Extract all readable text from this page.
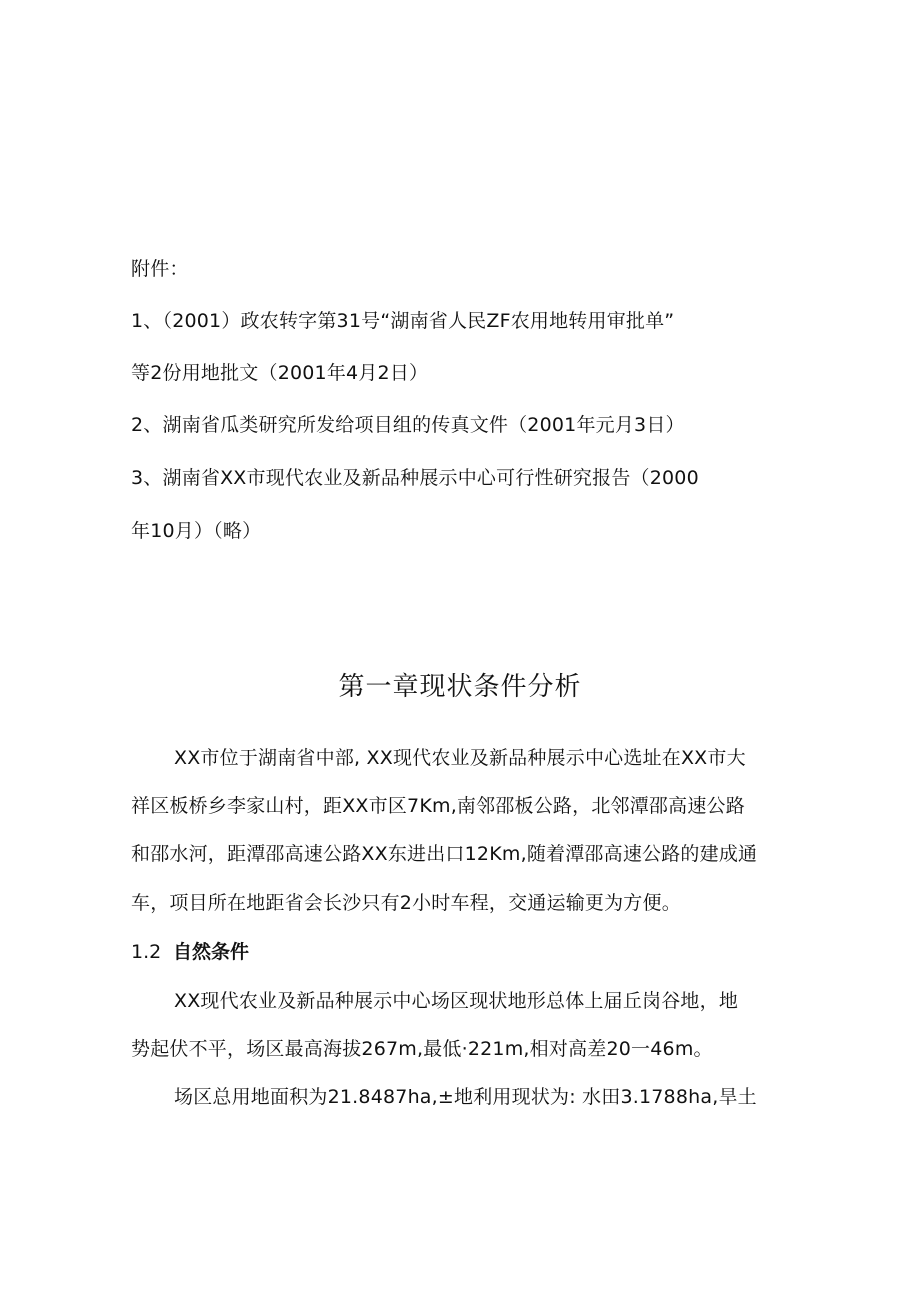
附件：
1、（2001）政农转字第31号“湖南省人民ZF农用地转用审批单”
等2份用地批文（2001年4月2日）
2、湖南省瓜类研究所发给项目组的传真文件（2001年元月3日）
3、湖南省XX市现代农业及新品种展示中心可行性研究报告（2000
年10月）（略）
第一章现状条件分析
XX市位于湖南省中部, XX现代农业及新品种展示中心选址在XX市大
祥区板桥乡李家山村，距XX市区7Km,南邻邵板公路，北邻潭邵高速公路
和邵水河，距潭邵高速公路XX东进出口12Km,随着潭邵高速公路的建成通
车，项目所在地距省会长沙只有2小时车程，交通运输更为方便。
1.2 自然条件
XX现代农业及新品种展示中心场区现状地形总体上届丘岗谷地，地
势起伏不平，场区最高海拔267m,最低·221m,相对高差20一46m。
场区总用地面积为21.8487ha,±地利用现状为: 水田3.1788ha,旱土
